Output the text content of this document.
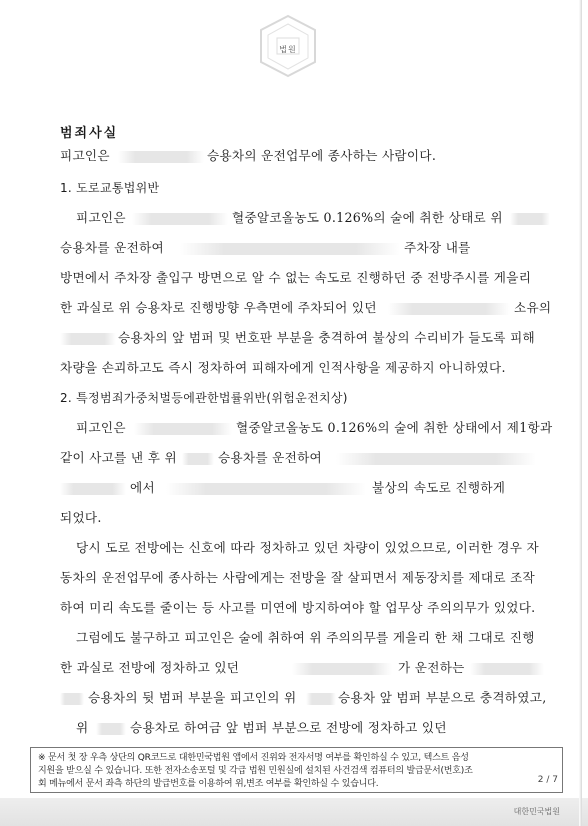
법원
범죄사실
피고인은	승용차의 운전업무에 종사하는 사람이다.
1. 도로교통법위반
피고인은	혈중알코올농도 0.126%의 술에 취한 상태로 위
승용차를 운전하여	주차장 내를
방면에서 주차장 출입구 방면으로 알 수 없는 속도로 진행하던 중 전방주시를 게을리
한 과실로 위 승용차로 진행방향 우측면에 주차되어 있던	소유의
승용차의 앞 범퍼 및 번호판 부분을 충격하여 불상의 수리비가 들도록 피해
차량을 손괴하고도 즉시 정차하여 피해자에게 인적사항을 제공하지 아니하였다.
2. 특정범죄가중처벌등에관한법률위반(위험운전치상)
피고인은	혈중알코올농도 0.126%의 술에 취한 상태에서 제1항과
같이 사고를 낸 후 위	승용차를 운전하여
에서	불상의 속도로 진행하게
되었다.
당시 도로 전방에는 신호에 따라 정차하고 있던 차량이 있었으므로, 이러한 경우 자
동차의 운전업무에 종사하는 사람에게는 전방을 잘 살피면서 제동장치를 제대로 조작
하여 미리 속도를 줄이는 등 사고를 미연에 방지하여야 할 업무상 주의의무가 있었다.
그럼에도 불구하고 피고인은 술에 취하여 위 주의의무를 게을리 한 채 그대로 진행
한 과실로 전방에 정차하고 있던	가 운전하는
승용차의 뒷 범퍼 부분을 피고인의 위	승용차 앞 범퍼 부분으로 충격하였고,
위	승용차로 하여금 앞 범퍼 부분으로 전방에 정차하고 있던
※ 문서 첫 장 우측 상단의 QR코드로 대한민국법원 앱에서 진위와 전자서명 여부를 확인하실 수 있고, 텍스트 음성
지원을 받으실 수 있습니다. 또한 전자소송포털 및 각급 법원 민원실에 설치된 사건검색 컴퓨터의 발급문서(번호)조
회 메뉴에서 문서 좌측 하단의 발급번호를 이용하여 위,변조 여부를 확인하실 수 있습니다.	2 / 7
대한민국법원
